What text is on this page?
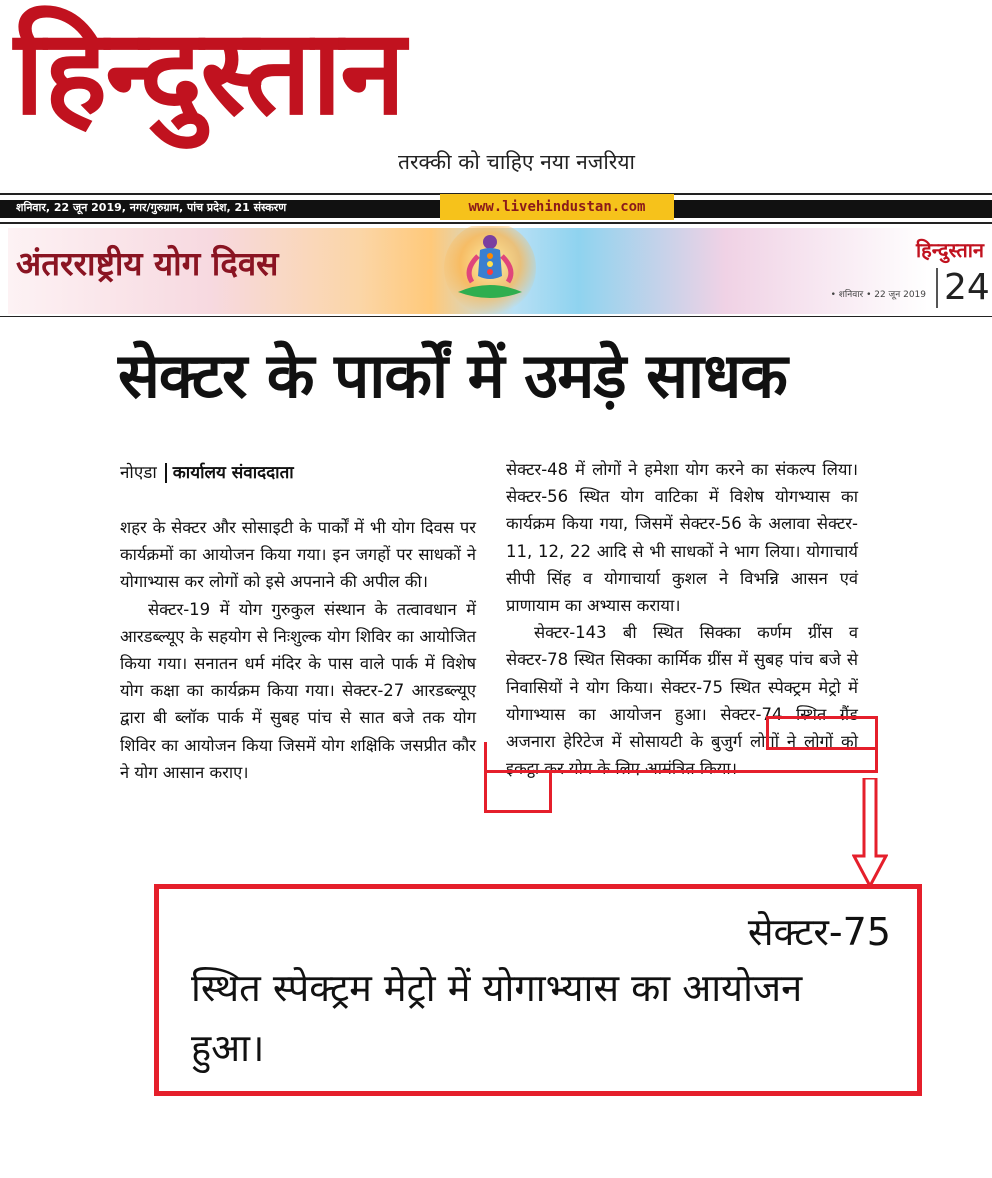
हिन्दुस्तान
तरक्की को चाहिए नया नजरिया
शनिवार, 22 जून 2019, नगर/गुरुग्राम, पांच प्रदेश, 21 संस्करण	www.livehindustan.com
अंतरराष्ट्रीय योग दिवस	हिन्दुस्तान
• शनिवार • 22 जून 2019 24
सेक्टर के पार्कों में उमड़े साधक
नोएडा कार्यालय संवाददाता

शहर के सेक्टर और सोसाइटी के पार्कों में भी योग दिवस पर कार्यक्रमों का आयोजन किया गया। इन जगहों पर साधकों ने योगाभ्यास कर लोगों को इसे अपनाने की अपील की।

सेक्टर-19 में योग गुरुकुल संस्थान के तत्वावधान में आरडब्ल्यूए के सहयोग से निःशुल्क योग शिविर का आयोजित किया गया। सनातन धर्म मंदिर के पास वाले पार्क में विशेष योग कक्षा का कार्यक्रम किया गया। सेक्टर-27 आरडब्ल्यूए द्वारा बी ब्लॉक पार्क में सुबह पांच से सात बजे तक योग शिविर का आयोजन किया जिसमें योग शक्षिकि जसप्रीत कौर ने योग आसान कराए।

सेक्टर-48 में लोगों ने हमेशा योग करने का संकल्प लिया। सेक्टर-56 स्थित योग वाटिका में विशेष योगभ्यास का कार्यक्रम किया गया, जिसमें सेक्टर-56 के अलावा सेक्टर- 11, 12, 22 आदि से भी साधकों ने भाग लिया। योगाचार्य सीपी सिंह व योगाचार्या कुशल ने विभन्नि आसन एवं प्राणायाम का अभ्यास कराया।

सेक्टर-143 बी स्थित सिक्का कर्णम ग्रींस व सेक्टर-78 स्थित सिक्का कार्मिक ग्रींस में सुबह पांच बजे से निवासियों ने योग किया। सेक्टर-75 स्थित स्पेक्ट्रम मेट्रो में योगाभ्यास का आयोजन हुआ। सेक्टर-74 स्थित ग्रैंड अजनारा हेरिटेज में सोसायटी के बुजुर्ग लोगों ने लोगों को इकट्ठा कर योग के लिए आमंत्रित किया।

सेक्टर-75
स्थित स्पेक्ट्रम मेट्रो में योगाभ्यास का आयोजन
हुआ।
